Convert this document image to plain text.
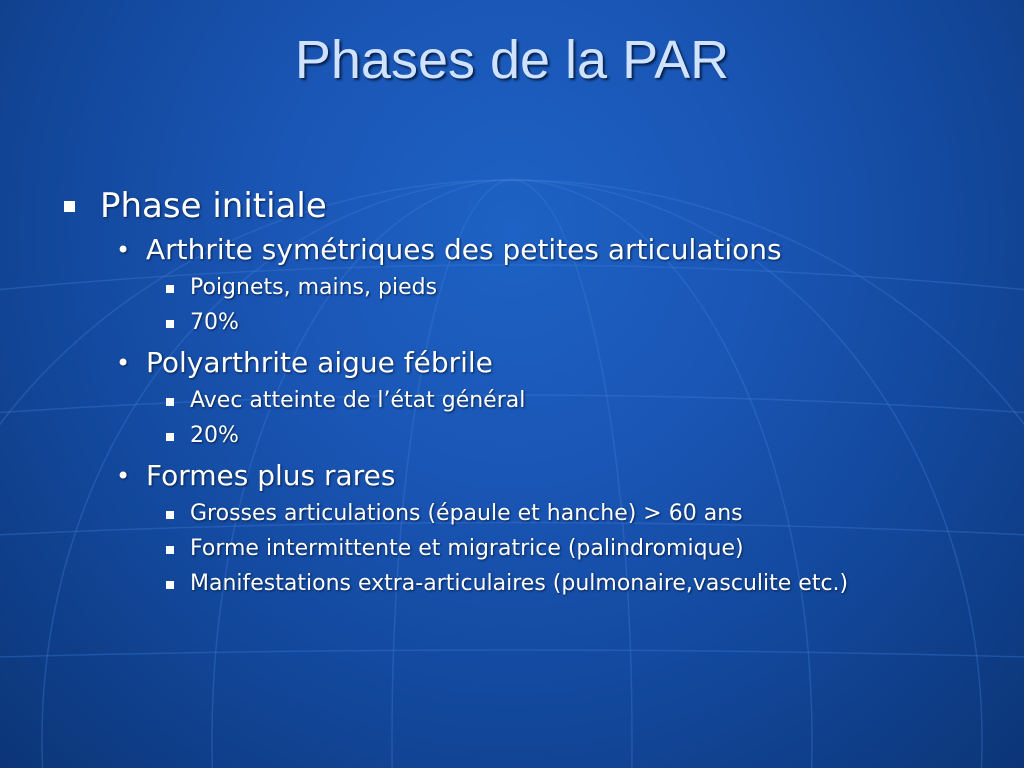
Phases de la PAR
Phase initiale
• Arthrite symétriques des petites articulations
Poignets, mains, pieds
70%
• Polyarthrite aigue fébrile
Avec atteinte de l’état général
20%
• Formes plus rares
Grosses articulations (épaule et hanche) > 60 ans
Forme intermittente et migratrice (palindromique)
Manifestations extra-articulaires (pulmonaire,vasculite etc.)
